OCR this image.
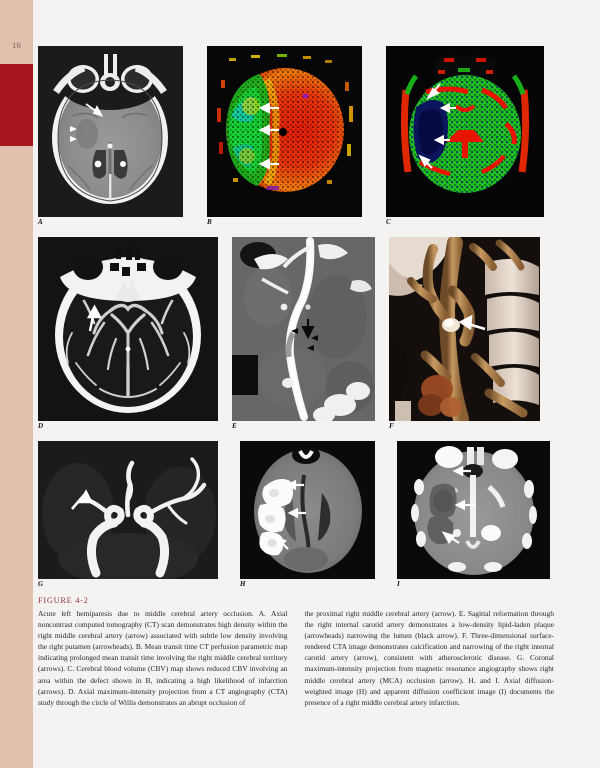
16
A	B	C
D	E	F
G	H	I
FIGURE 4-2
Acute left hemiparesis due to middle cerebral artery occlusion. A. Axial noncontrast computed tomography (CT) scan demonstrates high density within the right middle cerebral artery (arrow) associated with subtle low density involving the right putamen (arrowheads). B. Mean transit time CT perfusion parametric map indicating prolonged mean transit time involving the right middle cerebral territory (arrows). C. Cerebral blood volume (CBV) map shows reduced CBV involving an area within the defect shown in B, indicating a high likelihood of infarction (arrows). D. Axial maximum-intensity projection from a CT angiography (CTA) study through the circle of Willis demonstrates an abrupt occlusion of
the proximal right middle cerebral artery (arrow). E. Sagittal reformation through the right internal carotid artery demonstrates a low-density lipid-laden plaque (arrowheads) narrowing the lumen (black arrow). F. Three-dimensional surface-rendered CTA image demonstrates calcification and narrowing of the right internal carotid artery (arrow), consistent with atherosclerotic disease. G. Coronal maximum-intensity projection from magnetic resonance angiography shows right middle cerebral artery (MCA) occlusion (arrow). H. and I. Axial diffusion-weighted image (H) and apparent diffusion coefficient image (I) documents the presence of a right middle cerebral artery infarction.
